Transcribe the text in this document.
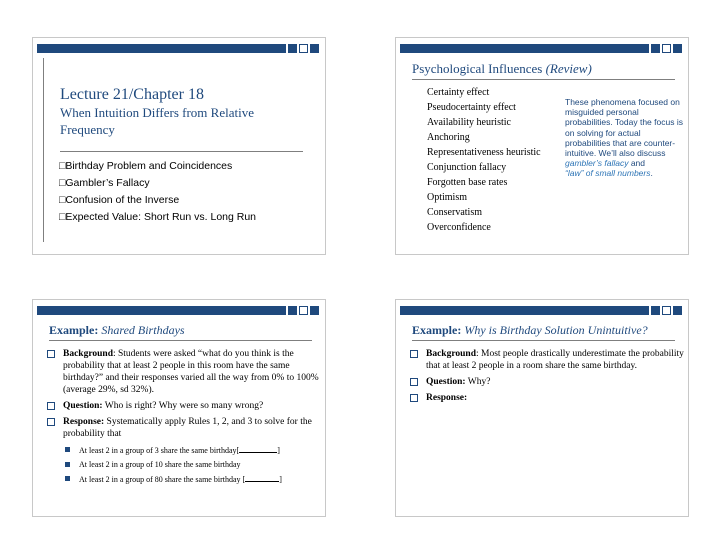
Lecture 21/Chapter 18
When Intuition Differs from Relative Frequency
□Birthday Problem and Coincidences
□Gambler’s Fallacy
□Confusion of the Inverse
□Expected Value: Short Run vs. Long Run
Psychological Influences (Review)
Certainty effect
Pseudocertainty effect
Availability heuristic
Anchoring
Representativeness heuristic
Conjunction fallacy
Forgotten base rates
Optimism
Conservatism
Overconfidence
These phenomena focused on misguided personal probabilities. Today the focus is on solving for actual probabilities that are counter-intuitive. We’ll also discuss
gambler’s fallacy and
“law” of small numbers.
Example: Shared Birthdays
Background: Students were asked “what do you think is the probability that at least 2 people in this room have the same birthday?” and their responses varied all the way from 0% to 100% (average 29%, sd 32%).
Question: Who is right? Why were so many wrong?
Response: Systematically apply Rules 1, 2, and 3 to solve for the probability that
At least 2 in a group of 3 share the same birthday[	]
At least 2 in a group of 10 share the same birthday
At least 2 in a group of 80 share the same birthday [	]
Example: Why is Birthday Solution Unintuitive?
Background: Most people drastically underestimate the probability that at least 2 people in a room share the same birthday.
Question: Why?
Response:
